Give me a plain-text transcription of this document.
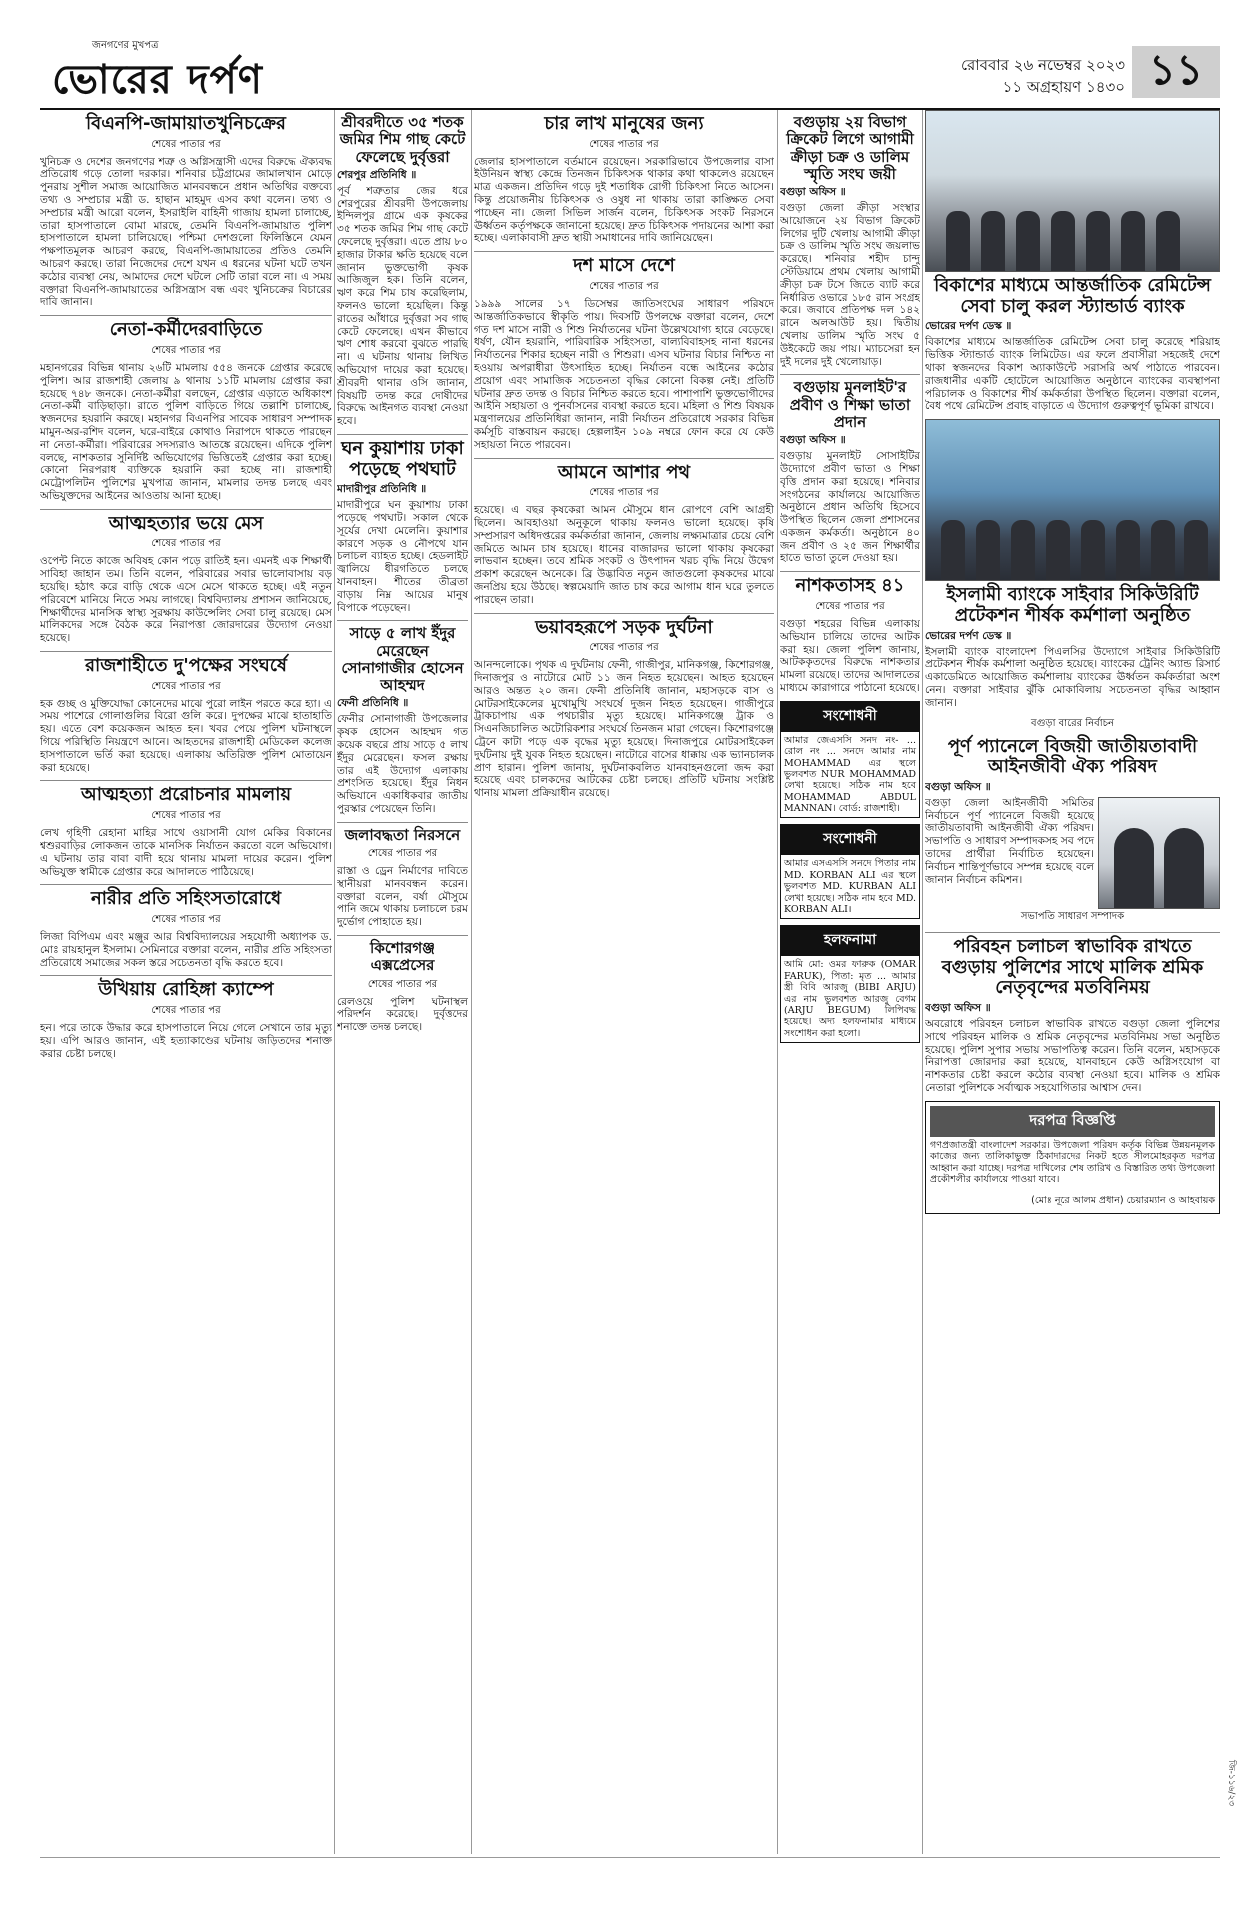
জনগণের মুখপত্র
ভোরের দর্পণ	রোববার ২৬ নভেম্বর ২০২৩
১১ অগ্রহায়ণ ১৪৩০ ১১
বিএনপি-জামায়াতখুনিচক্রের
শেষের পাতার পর

খুনিচক্র ও দেশের জনগণের শত্রু ও অগ্নিসন্ত্রাসী এদের বিরুদ্ধে ঐক্যবদ্ধ প্রতিরোধ গড়ে তোলা দরকার। শনিবার চট্টগ্রামের জামালখান মোড়ে পুনরায় সুশীল সমাজ আয়োজিত মানববন্ধনে প্রধান অতিথির বক্তব্যে তথ্য ও সম্প্রচার মন্ত্রী ড. হাছান মাহমুদ এসব কথা বলেন। তথ্য ও সম্প্রচার মন্ত্রী আরো বলেন, ইসরাইলি বাহিনী গাজায় হামলা চালাচ্ছে, তারা হাসপাতালে বোমা মারছে, তেমনি বিএনপি-জামায়াত পুলিশ হাসপাতালে হামলা চালিয়েছে। পশ্চিমা দেশগুলো ফিলিস্তিনে যেমন পক্ষপাতমূলক আচরণ করছে, বিএনপি-জামায়াতের প্রতিও তেমনি আচরণ করছে। তারা নিজেদের দেশে যখন এ ধরনের ঘটনা ঘটে তখন কঠোর ব্যবস্থা নেয়, আমাদের দেশে ঘটলে সেটি তারা বলে না। এ সময় বক্তারা বিএনপি-জামায়াতের অগ্নিসন্ত্রাস বন্ধ এবং খুনিচক্রের বিচারের দাবি জানান।

নেতা-কর্মীদেরবাড়িতে
শেষের পাতার পর

মহানগরের বিভিন্ন থানায় ২৬টি মামলায় ৫৫৪ জনকে গ্রেপ্তার করেছে পুলিশ। আর রাজশাহী জেলায় ৯ থানায় ১১টি মামলায় গ্রেপ্তার করা হয়েছে ৭৪৮ জনকে। নেতা-কর্মীরা বলছেন, গ্রেপ্তার এড়াতে অধিকাংশ নেতা-কর্মী বাড়িছাড়া। রাতে পুলিশ বাড়িতে গিয়ে তল্লাশি চালাচ্ছে, স্বজনদের হয়রানি করছে। মহানগর বিএনপির সাবেক সাধারণ সম্পাদক মামুন-অর-রশিদ বলেন, ঘরে-বাইরে কোথাও নিরাপদে থাকতে পারছেন না নেতা-কর্মীরা। পরিবারের সদস্যরাও আতঙ্কে রয়েছেন। এদিকে পুলিশ বলছে, নাশকতার সুনির্দিষ্ট অভিযোগের ভিত্তিতেই গ্রেপ্তার করা হচ্ছে। কোনো নিরপরাধ ব্যক্তিকে হয়রানি করা হচ্ছে না। রাজশাহী মেট্রোপলিটন পুলিশের মুখপাত্র জানান, মামলার তদন্ত চলছে এবং অভিযুক্তদের আইনের আওতায় আনা হচ্ছে।

আত্মহত্যার ভয়ে মেস
শেষের পাতার পর

ওপেন্ট নিতে কাজে অবিষহ কোন পড়ে রাতিই হন। এমনই এক শিক্ষার্থী সাবিহা জাহান তম। তিনি বলেন, পরিবারের সবার ভালোবাসায় বড় হয়েছি। হঠাৎ করে বাড়ি থেকে এসে মেসে থাকতে হচ্ছে। এই নতুন পরিবেশে মানিয়ে নিতে সময় লাগছে। বিশ্ববিদ্যালয় প্রশাসন জানিয়েছে, শিক্ষার্থীদের মানসিক স্বাস্থ্য সুরক্ষায় কাউন্সেলিং সেবা চালু রয়েছে। মেস মালিকদের সঙ্গে বৈঠক করে নিরাপত্তা জোরদারের উদ্যোগ নেওয়া হয়েছে।

রাজশাহীতে দু'পক্ষের সংঘর্ষে
শেষের পাতার পর

হক গুচ্ছ ও মুক্তিযোদ্ধা কোনেদের মাঝে পুরো লাইন পরতে করে হ্যা। এ সময় পাশেরে গোলাগুলির বিরো গুলি করে। দুপক্ষের মাঝে হাতাহাতি হয়। এতে বেশ কয়েকজন আহত হন। খবর পেয়ে পুলিশ ঘটনাস্থলে গিয়ে পরিস্থিতি নিয়ন্ত্রণে আনে। আহতদের রাজশাহী মেডিকেল কলেজ হাসপাতালে ভর্তি করা হয়েছে। এলাকায় অতিরিক্ত পুলিশ মোতায়েন করা হয়েছে।

আত্মহত্যা প্ররোচনার মামলায়
শেষের পাতার পর

লেখ গৃহিণী রেহানা মাহির সাথে ওয়াসানী যোগ মেকির বিকানের শ্বশুরবাড়ির লোকজন তাকে মানসিক নির্যাতন করতো বলে অভিযোগ। এ ঘটনায় তার বাবা বাদী হয়ে থানায় মামলা দায়ের করেন। পুলিশ অভিযুক্ত স্বামীকে গ্রেপ্তার করে আদালতে পাঠিয়েছে।

নারীর প্রতি সহিংসতারোধে
শেষের পাতার পর

লিজা বিপিএম এবং মঞ্জুর আর বিশ্ববিদ্যালয়ের সহযোগী অধ্যাপক ড. মোঃ রায়হানুল ইসলাম। সেমিনারে বক্তারা বলেন, নারীর প্রতি সহিংসতা প্রতিরোধে সমাজের সকল স্তরে সচেতনতা বৃদ্ধি করতে হবে।

উখিয়ায় রোহিঙ্গা ক্যাম্পে
শেষের পাতার পর

হন। পরে তাকে উদ্ধার করে হাসপাতালে নিয়ে গেলে সেখানে তার মৃত্যু হয়। এপি আরও জানান, এই হত্যাকাণ্ডের ঘটনায় জড়িতদের শনাক্ত করার চেষ্টা চলছে।

শ্রীবরদীতে ৩৫ শতক জমির শিম গাছ কেটে ফেলেছে দুর্বৃত্তরা
শেরপুর প্রতিনিধি ॥

পূর্ব শত্রুতার জের ধরে শেরপুরের শ্রীবরদী উপজেলায় ইন্দিলপুর গ্রামে এক কৃষকের ৩৫ শতক জমির শিম গাছ কেটে ফেলেছে দুর্বৃত্তরা। এতে প্রায় ৮০ হাজার টাকার ক্ষতি হয়েছে বলে জানান ভুক্তভোগী কৃষক আজিজুল হক। তিনি বলেন, ঋণ করে শিম চাষ করেছিলাম, ফলনও ভালো হয়েছিল। কিন্তু রাতের আঁধারে দুর্বৃত্তরা সব গাছ কেটে ফেলেছে। এখন কীভাবে ঋণ শোধ করবো বুঝতে পারছি না। এ ঘটনায় থানায় লিখিত অভিযোগ দায়ের করা হয়েছে। শ্রীবরদী থানার ওসি জানান, বিষয়টি তদন্ত করে দোষীদের বিরুদ্ধে আইনগত ব্যবস্থা নেওয়া হবে।

ঘন কুয়াশায় ঢাকা পড়েছে পথঘাট
মাদারীপুর প্রতিনিধি ॥

মাদারীপুরে ঘন কুয়াশায় ঢাকা পড়েছে পথঘাট। সকাল থেকে সূর্যের দেখা মেলেনি। কুয়াশার কারণে সড়ক ও নৌপথে যান চলাচল ব্যাহত হচ্ছে। হেডলাইট জ্বালিয়ে ধীরগতিতে চলছে যানবাহন। শীতের তীব্রতা বাড়ায় নিম্ন আয়ের মানুষ বিপাকে পড়েছেন।

সাড়ে ৫ লাখ ইঁদুর মেরেছেন সোনাগাজীর হোসেন আহম্মদ
ফেনী প্রতিনিধি ॥

ফেনীর সোনাগাজী উপজেলার কৃষক হোসেন আহম্মদ গত কয়েক বছরে প্রায় সাড়ে ৫ লাখ ইঁদুর মেরেছেন। ফসল রক্ষায় তার এই উদ্যোগ এলাকায় প্রশংসিত হয়েছে। ইঁদুর নিধন অভিযানে একাধিকবার জাতীয় পুরস্কার পেয়েছেন তিনি।

জলাবদ্ধতা নিরসনে
শেষের পাতার পর

রাস্তা ও ড্রেন নির্মাণের দাবিতে স্থানীয়রা মানববন্ধন করেন। বক্তারা বলেন, বর্ষা মৌসুমে পানি জমে থাকায় চলাচলে চরম দুর্ভোগ পোহাতে হয়।

কিশোরগঞ্জ এক্সপ্রেসের
শেষের পাতার পর

রেলওয়ে পুলিশ ঘটনাস্থল পরিদর্শন করেছে। দুর্বৃত্তদের শনাক্তে তদন্ত চলছে।

চার লাখ মানুষের জন্য
শেষের পাতার পর

জেলার হাসপাতালে বর্তমানে রয়েছেন। সরকারিভাবে উপজেলার বাসা ইউনিয়ন স্বাস্থ্য কেন্দ্রে তিনজন চিকিৎসক থাকার কথা থাকলেও রয়েছেন মাত্র একজন। প্রতিদিন গড়ে দুই শতাধিক রোগী চিকিৎসা নিতে আসেন। কিন্তু প্রয়োজনীয় চিকিৎসক ও ওষুধ না থাকায় তারা কাঙ্ক্ষিত সেবা পাচ্ছেন না। জেলা সিভিল সার্জন বলেন, চিকিৎসক সংকট নিরসনে ঊর্ধ্বতন কর্তৃপক্ষকে জানানো হয়েছে। দ্রুত চিকিৎসক পদায়নের আশা করা হচ্ছে। এলাকাবাসী দ্রুত স্থায়ী সমাধানের দাবি জানিয়েছেন।

দশ মাসে দেশে
শেষের পাতার পর

১৯৯৯ সালের ১৭ ডিসেম্বর জাতিসংঘের সাধারণ পরিষদে আন্তর্জাতিকভাবে স্বীকৃতি পায়। দিবসটি উপলক্ষে বক্তারা বলেন, দেশে গত দশ মাসে নারী ও শিশু নির্যাতনের ঘটনা উল্লেখযোগ্য হারে বেড়েছে। ধর্ষণ, যৌন হয়রানি, পারিবারিক সহিংসতা, বাল্যবিবাহসহ নানা ধরনের নির্যাতনের শিকার হচ্ছেন নারী ও শিশুরা। এসব ঘটনার বিচার নিশ্চিত না হওয়ায় অপরাধীরা উৎসাহিত হচ্ছে। নির্যাতন বন্ধে আইনের কঠোর প্রয়োগ এবং সামাজিক সচেতনতা বৃদ্ধির কোনো বিকল্প নেই। প্রতিটি ঘটনার দ্রুত তদন্ত ও বিচার নিশ্চিত করতে হবে। পাশাপাশি ভুক্তভোগীদের আইনি সহায়তা ও পুনর্বাসনের ব্যবস্থা করতে হবে। মহিলা ও শিশু বিষয়ক মন্ত্রণালয়ের প্রতিনিধিরা জানান, নারী নির্যাতন প্রতিরোধে সরকার বিভিন্ন কর্মসূচি বাস্তবায়ন করছে। হেল্পলাইন ১০৯ নম্বরে ফোন করে যে কেউ সহায়তা নিতে পারবেন।

আমনে আশার পথ
শেষের পাতার পর

হয়েছে। এ বছর কৃষকেরা আমন মৌসুমে ধান রোপণে বেশি আগ্রহী ছিলেন। আবহাওয়া অনুকূলে থাকায় ফলনও ভালো হয়েছে। কৃষি সম্প্রসারণ অধিদপ্তরের কর্মকর্তারা জানান, জেলায় লক্ষ্যমাত্রার চেয়ে বেশি জমিতে আমন চাষ হয়েছে। ধানের বাজারদর ভালো থাকায় কৃষকেরা লাভবান হচ্ছেন। তবে শ্রমিক সংকট ও উৎপাদন খরচ বৃদ্ধি নিয়ে উদ্বেগ প্রকাশ করেছেন অনেকে। ব্রি উদ্ভাবিত নতুন জাতগুলো কৃষকদের মাঝে জনপ্রিয় হয়ে উঠছে। স্বল্পমেয়াদি জাত চাষ করে আগাম ধান ঘরে তুলতে পারছেন তারা।

ভয়াবহরূপে সড়ক দুর্ঘটনা
শেষের পাতার পর

আনন্দলোকে। পৃথক এ দুর্ঘটনায় ফেনী, গাজীপুর, মানিকগঞ্জ, কিশোরগঞ্জ, দিনাজপুর ও নাটোরে মোট ১১ জন নিহত হয়েছেন। আহত হয়েছেন আরও অন্তত ২০ জন। ফেনী প্রতিনিধি জানান, মহাসড়কে বাস ও মোটরসাইকেলের মুখোমুখি সংঘর্ষে দুজন নিহত হয়েছেন। গাজীপুরে ট্রাকচাপায় এক পথচারীর মৃত্যু হয়েছে। মানিকগঞ্জে ট্রাক ও সিএনজিচালিত অটোরিকশার সংঘর্ষে তিনজন মারা গেছেন। কিশোরগঞ্জে ট্রেনে কাটা পড়ে এক বৃদ্ধের মৃত্যু হয়েছে। দিনাজপুরে মোটরসাইকেল দুর্ঘটনায় দুই যুবক নিহত হয়েছেন। নাটোরে বাসের ধাক্কায় এক ভ্যানচালক প্রাণ হারান। পুলিশ জানায়, দুর্ঘটনাকবলিত যানবাহনগুলো জব্দ করা হয়েছে এবং চালকদের আটকের চেষ্টা চলছে। প্রতিটি ঘটনায় সংশ্লিষ্ট থানায় মামলা প্রক্রিয়াধীন রয়েছে।

বগুড়ায় ২য় বিভাগ ক্রিকেট লিগে আগামী ক্রীড়া চক্র ও ডালিম স্মৃতি সংঘ জয়ী
বগুড়া অফিস ॥

বগুড়া জেলা ক্রীড়া সংস্থার আয়োজনে ২য় বিভাগ ক্রিকেট লিগের দুটি খেলায় আগামী ক্রীড়া চক্র ও ডালিম স্মৃতি সংঘ জয়লাভ করেছে। শনিবার শহীদ চান্দু স্টেডিয়ামে প্রথম খেলায় আগামী ক্রীড়া চক্র টসে জিতে ব্যাট করে নির্ধারিত ওভারে ১৮৫ রান সংগ্রহ করে। জবাবে প্রতিপক্ষ দল ১৪২ রানে অলআউট হয়। দ্বিতীয় খেলায় ডালিম স্মৃতি সংঘ ৫ উইকেটে জয় পায়। ম্যাচসেরা হন দুই দলের দুই খেলোয়াড়।

বগুড়ায় মুনলাইট'র প্রবীণ ও শিক্ষা ভাতা প্রদান
বগুড়া অফিস ॥

বগুড়ায় মুনলাইট সোসাইটির উদ্যোগে প্রবীণ ভাতা ও শিক্ষা বৃত্তি প্রদান করা হয়েছে। শনিবার সংগঠনের কার্যালয়ে আয়োজিত অনুষ্ঠানে প্রধান অতিথি হিসেবে উপস্থিত ছিলেন জেলা প্রশাসনের একজন কর্মকর্তা। অনুষ্ঠানে ৪০ জন প্রবীণ ও ২৫ জন শিক্ষার্থীর হাতে ভাতা তুলে দেওয়া হয়।

নাশকতাসহ ৪১
শেষের পাতার পর

বগুড়া শহরের বিভিন্ন এলাকায় অভিযান চালিয়ে তাদের আটক করা হয়। জেলা পুলিশ জানায়, আটককৃতদের বিরুদ্ধে নাশকতার মামলা রয়েছে। তাদের আদালতের মাধ্যমে কারাগারে পাঠানো হয়েছে।

সংশোধনী
আমার জেএসসি সনদ নং- ... রোল নং ... সনদে আমার নাম MOHAMMAD এর স্থলে ভুলবশত NUR MOHAMMAD লেখা হয়েছে। সঠিক নাম হবে MOHAMMAD ABDUL MANNAN। বোর্ড: রাজশাহী।
সংশোধনী
আমার এসএসসি সনদে পিতার নাম MD. KORBAN ALI এর স্থলে ভুলবশত MD. KURBAN ALI লেখা হয়েছে। সঠিক নাম হবে MD. KORBAN ALI।
হলফনামা
আমি মো: ওমর ফারুক (OMAR FARUK), পিতা: মৃত ... আমার স্ত্রী বিবি আরজু (BIBI ARJU) এর নাম ভুলবশত আরজু বেগম (ARJU BEGUM) লিপিবদ্ধ হয়েছে। অদ্য হলফনামার মাধ্যমে সংশোধন করা হলো।
বিকাশের মাধ্যমে আন্তর্জাতিক রেমিটেন্স সেবা চালু করল স্ট্যান্ডার্ড ব্যাংক
ভোরের দর্পণ ডেস্ক ॥

বিকাশের মাধ্যমে আন্তর্জাতিক রেমিটেন্স সেবা চালু করেছে শরিয়াহ ভিত্তিক স্ট্যান্ডার্ড ব্যাংক লিমিটেড। এর ফলে প্রবাসীরা সহজেই দেশে থাকা স্বজনদের বিকাশ অ্যাকাউন্টে সরাসরি অর্থ পাঠাতে পারবেন। রাজধানীর একটি হোটেলে আয়োজিত অনুষ্ঠানে ব্যাংকের ব্যবস্থাপনা পরিচালক ও বিকাশের শীর্ষ কর্মকর্তারা উপস্থিত ছিলেন। বক্তারা বলেন, বৈধ পথে রেমিটেন্স প্রবাহ বাড়াতে এ উদ্যোগ গুরুত্বপূর্ণ ভূমিকা রাখবে।

ইসলামী ব্যাংকে সাইবার সিকিউরিটি প্রটেকশন শীর্ষক কর্মশালা অনুষ্ঠিত
ভোরের দর্পণ ডেস্ক ॥

ইসলামী ব্যাংক বাংলাদেশ পিএলসির উদ্যোগে সাইবার সিকিউরিটি প্রটেকশন শীর্ষক কর্মশালা অনুষ্ঠিত হয়েছে। ব্যাংকের ট্রেনিং অ্যান্ড রিসার্চ একাডেমিতে আয়োজিত কর্মশালায় ব্যাংকের ঊর্ধ্বতন কর্মকর্তারা অংশ নেন। বক্তারা সাইবার ঝুঁকি মোকাবিলায় সচেতনতা বৃদ্ধির আহ্বান জানান।

বগুড়া বারের নির্বাচন
পূর্ণ প্যানেলে বিজয়ী জাতীয়তাবাদী আইনজীবী ঐক্য পরিষদ
বগুড়া অফিস ॥

বগুড়া জেলা আইনজীবী সমিতির নির্বাচনে পূর্ণ প্যানেলে বিজয়ী হয়েছে জাতীয়তাবাদী আইনজীবী ঐক্য পরিষদ। সভাপতি ও সাধারণ সম্পাদকসহ সব পদে তাদের প্রার্থীরা নির্বাচিত হয়েছেন। নির্বাচন শান্তিপূর্ণভাবে সম্পন্ন হয়েছে বলে জানান নির্বাচন কমিশন।

সভাপতি সাধারণ সম্পাদক
পরিবহন চলাচল স্বাভাবিক রাখতে বগুড়ায় পুলিশের সাথে মালিক শ্রমিক নেতৃবৃন্দের মতবিনিময়
বগুড়া অফিস ॥

অবরোধে পরিবহন চলাচল স্বাভাবিক রাখতে বগুড়া জেলা পুলিশের সাথে পরিবহন মালিক ও শ্রমিক নেতৃবৃন্দের মতবিনিময় সভা অনুষ্ঠিত হয়েছে। পুলিশ সুপার সভায় সভাপতিত্ব করেন। তিনি বলেন, মহাসড়কে নিরাপত্তা জোরদার করা হয়েছে, যানবাহনে কেউ অগ্নিসংযোগ বা নাশকতার চেষ্টা করলে কঠোর ব্যবস্থা নেওয়া হবে। মালিক ও শ্রমিক নেতারা পুলিশকে সর্বাত্মক সহযোগিতার আশ্বাস দেন।

দরপত্র বিজ্ঞপ্তি
গণপ্রজাতন্ত্রী বাংলাদেশ সরকার। উপজেলা পরিষদ কর্তৃক বিভিন্ন উন্নয়নমূলক কাজের জন্য তালিকাভুক্ত ঠিকাদারদের নিকট হতে সীলমোহরকৃত দরপত্র আহ্বান করা যাচ্ছে। দরপত্র দাখিলের শেষ তারিখ ও বিস্তারিত তথ্য উপজেলা প্রকৌশলীর কার্যালয়ে পাওয়া যাবে।
(মোঃ নূরে আলম প্রধান) চেয়ারম্যান ও আহবায়ক
জি-১১৬/২৩
